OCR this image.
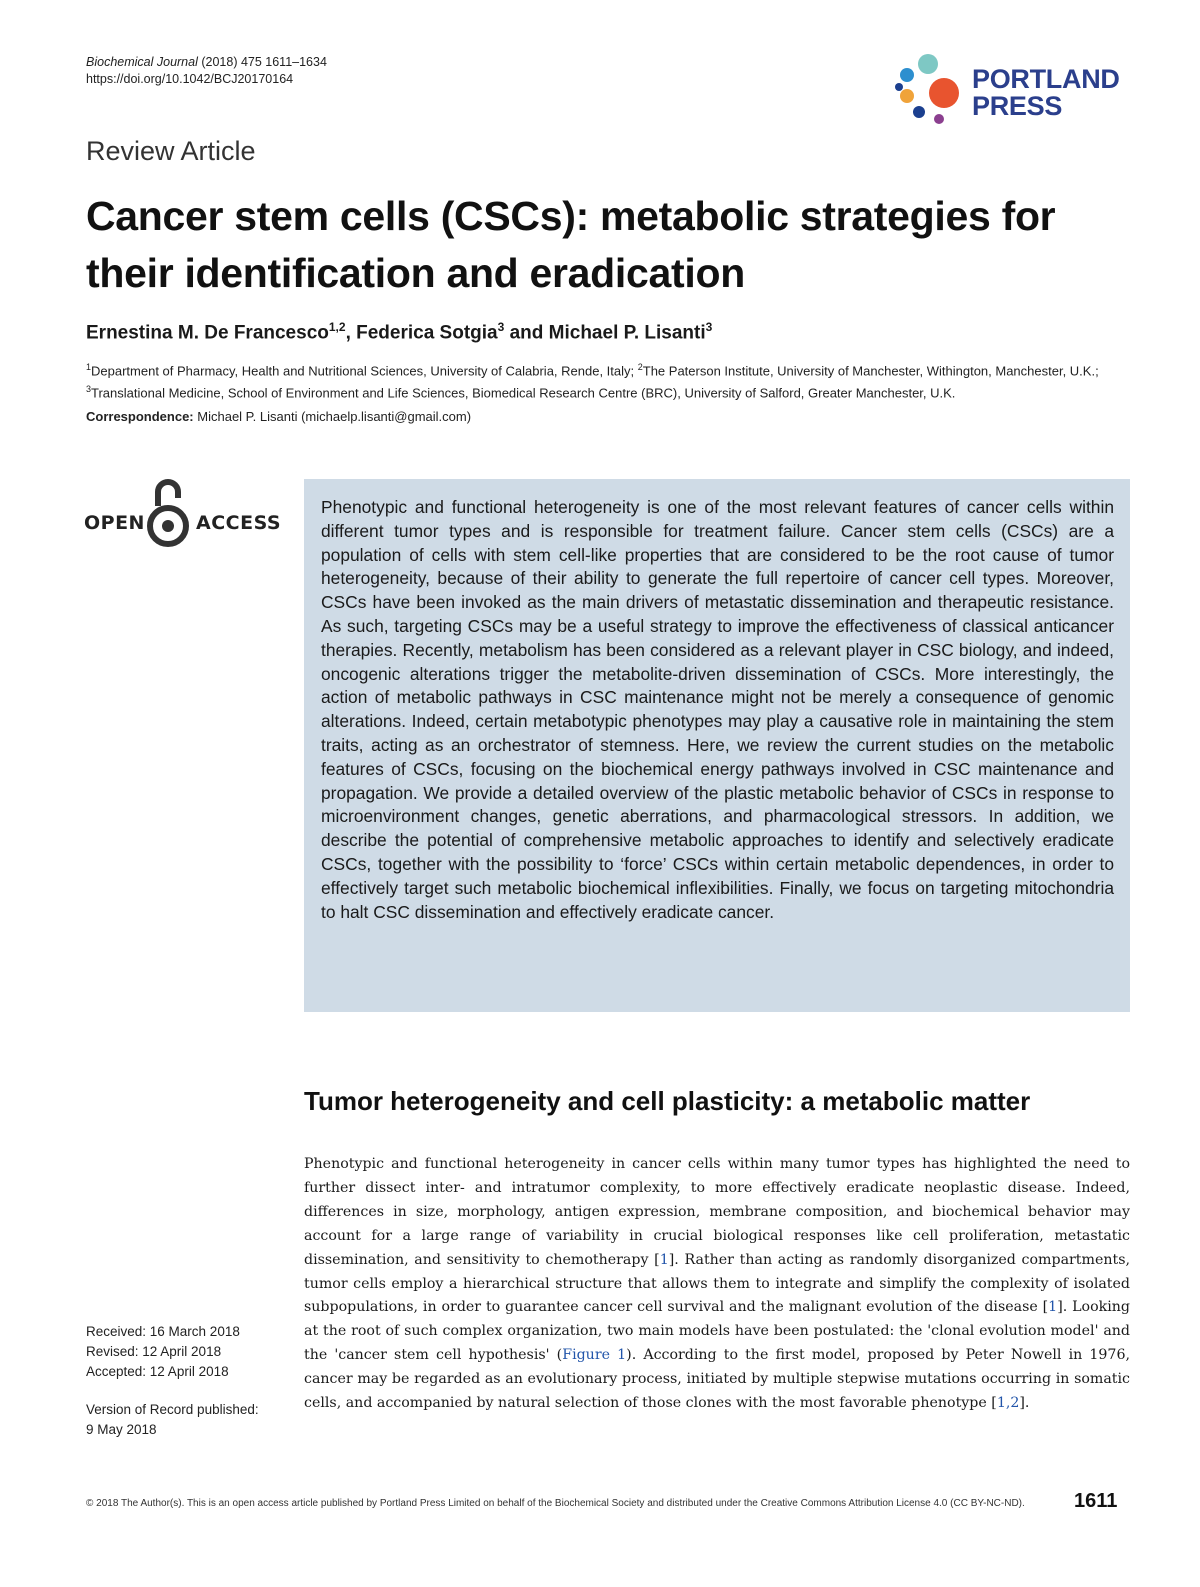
Biochemical Journal (2018) 475 1611–1634
https://doi.org/10.1042/BCJ20170164	PORTLAND
PRESS
Review Article
Cancer stem cells (CSCs): metabolic strategies for their identification and eradication
Ernestina M. De Francesco$^{1,2}$, Federica Sotgia$^3$ and Michael P. Lisanti$^3$
$^1$Department of Pharmacy, Health and Nutritional Sciences, University of Calabria, Rende, Italy; $^2$The Paterson Institute, University of Manchester, Withington, Manchester, U.K.;
$^3$Translational Medicine, School of Environment and Life Sciences, Biomedical Research Centre (BRC), University of Salford, Greater Manchester, U.K.
Correspondence: Michael P. Lisanti (michaelp.lisanti@gmail.com)
OPEN	ACCESS
Phenotypic and functional heterogeneity is one of the most relevant features of cancer cells within different tumor types and is responsible for treatment failure. Cancer stem cells (CSCs) are a population of cells with stem cell-like properties that are considered to be the root cause of tumor heterogeneity, because of their ability to generate the full repertoire of cancer cell types. Moreover, CSCs have been invoked as the main drivers of metastatic dissemination and therapeutic resistance. As such, targeting CSCs may be a useful strategy to improve the effectiveness of classical anticancer therapies. Recently, metabolism has been considered as a relevant player in CSC biology, and indeed, oncogenic alterations trigger the metabolite-driven dissemination of CSCs. More interestingly, the action of metabolic pathways in CSC maintenance might not be merely a consequence of genomic alterations. Indeed, certain metabotypic phenotypes may play a causative role in maintaining the stem traits, acting as an orchestrator of stemness. Here, we review the current studies on the metabolic features of CSCs, focusing on the biochemical energy pathways involved in CSC maintenance and propagation. We provide a detailed overview of the plastic metabolic behavior of CSCs in response to microenvironment changes, genetic aberrations, and pharmacological stressors. In addition, we describe the potential of comprehensive metabolic approaches to identify and selectively eradicate CSCs, together with the possibility to ‘force’ CSCs within certain metabolic dependences, in order to effectively target such metabolic biochemical inflexibilities. Finally, we focus on targeting mitochondria to halt CSC dissemination and effectively eradicate cancer.
Tumor heterogeneity and cell plasticity: a metabolic matter
Phenotypic and functional heterogeneity in cancer cells within many tumor types has highlighted the need to further dissect inter- and intratumor complexity, to more effectively eradicate neoplastic disease. Indeed, differences in size, morphology, antigen expression, membrane composition, and biochemical behavior may account for a large range of variability in crucial biological responses like cell proliferation, metastatic dissemination, and sensitivity to chemotherapy [1]. Rather than acting as randomly disorganized compartments, tumor cells employ a hierarchical structure that allows them to integrate and simplify the complexity of isolated subpopulations, in order to guarantee cancer cell survival and the malignant evolution of the disease [1]. Looking at the root of such complex organization, two main models have been postulated: the 'clonal evolution model' and the 'cancer stem cell hypothesis' (Figure 1). According to the first model, proposed by Peter Nowell in 1976, cancer may be regarded as an evolutionary process, initiated by multiple stepwise mutations occurring in somatic cells, and accompanied by natural selection of those clones with the most favorable phenotype [1,2].
Received: 16 March 2018
Revised: 12 April 2018
Accepted: 12 April 2018
Version of Record published:
9 May 2018
© 2018 The Author(s). This is an open access article published by Portland Press Limited on behalf of the Biochemical Society and distributed under the Creative Commons Attribution License 4.0 (CC BY-NC-ND).	1611
